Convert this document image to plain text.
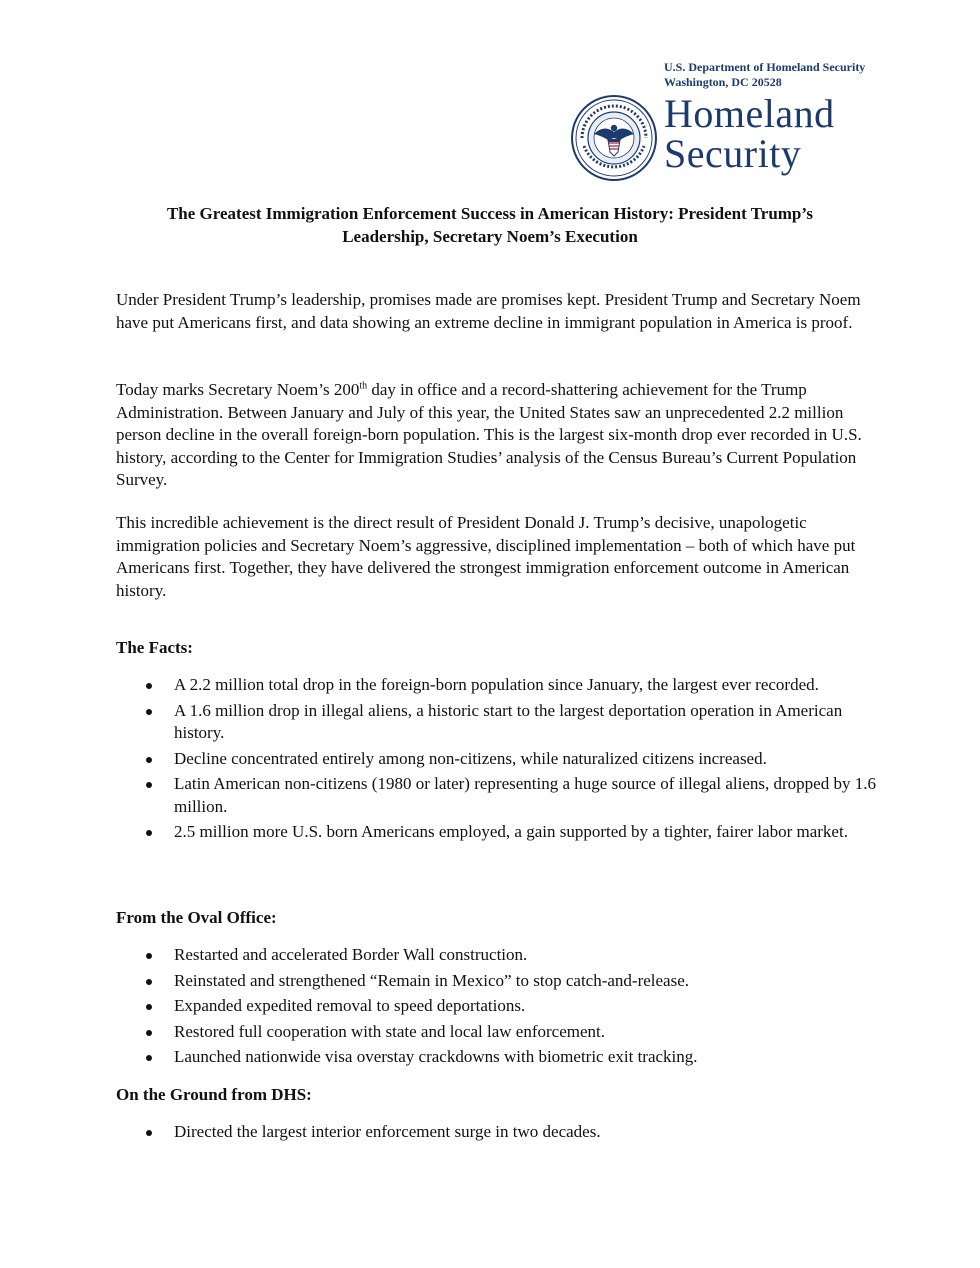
U.S. Department of Homeland Security
Washington, DC 20528
Homeland
Security
The Greatest Immigration Enforcement Success in American History: President Trump’s
Leadership, Secretary Noem’s Execution

Under President Trump’s leadership, promises made are promises kept. President Trump and Secretary Noem have put Americans first, and data showing an extreme decline in immigrant population in America is proof.

Today marks Secretary Noem’s 200th day in office and a record-shattering achievement for the Trump Administration. Between January and July of this year, the United States saw an unprecedented 2.2 million person decline in the overall foreign-born population. This is the largest six-month drop ever recorded in U.S. history, according to the Center for Immigration Studies’ analysis of the Census Bureau’s Current Population Survey.

This incredible achievement is the direct result of President Donald J. Trump’s decisive, unapologetic immigration policies and Secretary Noem’s aggressive, disciplined implementation – both of which have put Americans first. Together, they have delivered the strongest immigration enforcement outcome in American history.

The Facts:
A 2.2 million total drop in the foreign-born population since January, the largest ever recorded.
A 1.6 million drop in illegal aliens, a historic start to the largest deportation operation in American history.
Decline concentrated entirely among non-citizens, while naturalized citizens increased.
Latin American non-citizens (1980 or later) representing a huge source of illegal aliens, dropped by 1.6 million.
2.5 million more U.S. born Americans employed, a gain supported by a tighter, fairer labor market.
From the Oval Office:
Restarted and accelerated Border Wall construction.
Reinstated and strengthened “Remain in Mexico” to stop catch-and-release.
Expanded expedited removal to speed deportations.
Restored full cooperation with state and local law enforcement.
Launched nationwide visa overstay crackdowns with biometric exit tracking.
On the Ground from DHS:
Directed the largest interior enforcement surge in two decades.
